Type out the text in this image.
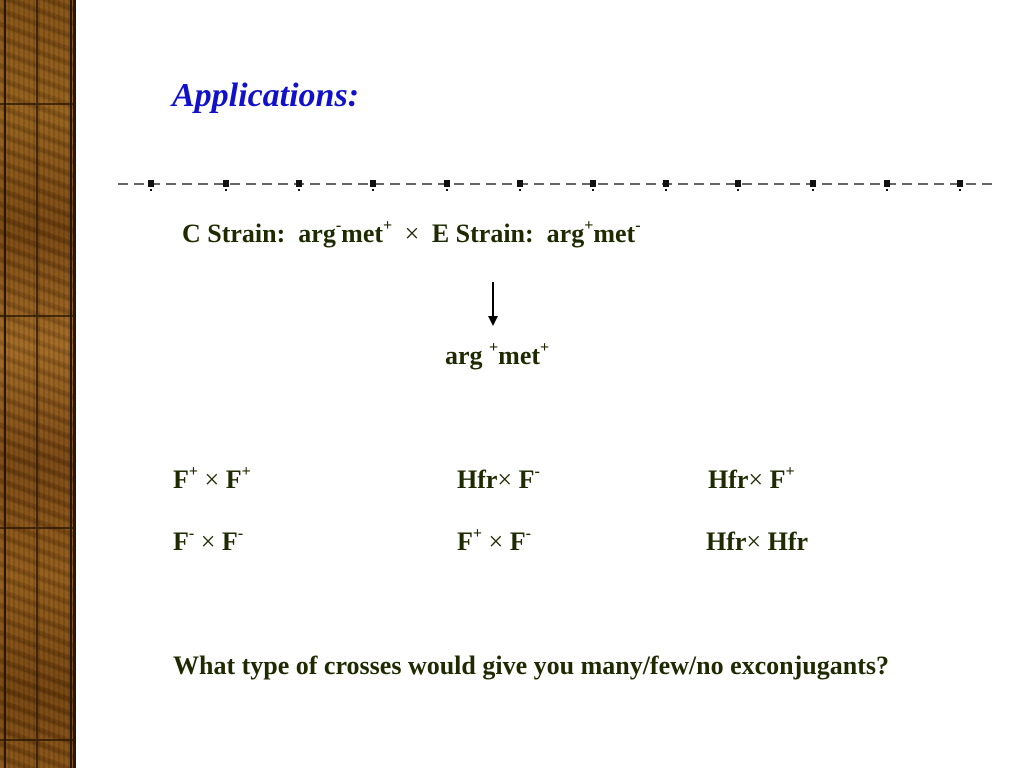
Applications:
C Strain: arg-met+ × E Strain: arg+met-
arg +met+
F+ × F+	Hfr× F-	Hfr× F+
F- × F-	F+ × F-	Hfr× Hfr
What type of crosses would give you many/few/no exconjugants?
